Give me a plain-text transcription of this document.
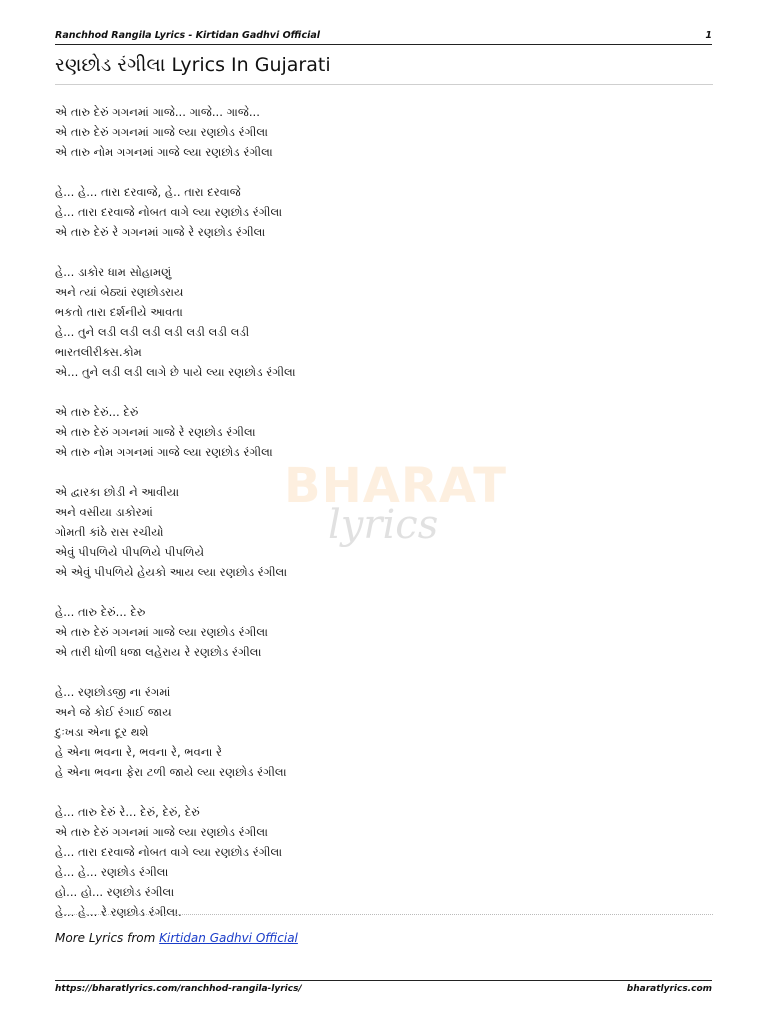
Ranchhod Rangila Lyrics - Kirtidan Gadhvi Official	1
રણછોડ રંગીલા Lyrics In Gujarati
BHARAT
lyrics
એ તારુ દેરું ગગનમાં ગાજે... ગાજે... ગાજે...
એ તારુ દેરું ગગનમાં ગાજે લ્યા રણછોડ રંગીલા
એ તારુ નોમ ગગનમાં ગાજે લ્યા રણછોડ રંગીલા
હે... હે... તારા દરવાજે, હે.. તારા દરવાજે
હે... તારા દરવાજે નોબત વાગે લ્યા રણછોડ રંગીલા
એ તારુ દેરું રે ગગનમાં ગાજે રે રણછોડ રંગીલા
હે... ડાકોર ધામ સોહામણું
અને ત્યાં બેઠ્યાં રણછોડરાય
ભકતો તારા દર્શનીયે આવતા
હે... તુને લડી લડી લડી લડી લડી લડી લડી
ભારતલીરીક્સ.કોમ
એ... તુને લડી લડી લાગે છે પાયે લ્યા રણછોડ રંગીલા
એ તારુ દેરું... દેરું
એ તારુ દેરું ગગનમાં ગાજે રે રણછોડ રંગીલા
એ તારુ નોમ ગગનમાં ગાજે લ્યા રણછોડ રંગીલા
એ દ્વારકા છોડી ને આવીયા
અને વસીયા ડાકોરમાં
ગોમતી કાંઠે રાસ રચીયો
એવું પીપળિયે પીપળિયે પીપળિયે
એ એવું પીપળિયે હેયકો આય લ્યા રણછોડ રંગીલા
હે... તારુ દેરું... દેરુ
એ તારુ દેરું ગગનમાં ગાજે લ્યા રણછોડ રંગીલા
એ તારી ધોળી ધજા લહેરાય રે રણછોડ રંગીલા
હે... રણછોડજી ના રંગમાં
અને જે કોઈ રંગાઈ જાય
દુઃખડા એના દૂર થશે
હે એના ભવના રે, ભવના રે, ભવના રે
હે એના ભવના ફેરા ટળી જાયે લ્યા રણછોડ રંગીલા
હે... તારુ દેરું રે... દેરું, દેરું, દેરું
એ તારુ દેરું ગગનમાં ગાજે લ્યા રણછોડ રંગીલા
હે... તારા દરવાજે નોબત વાગે લ્યા રણછોડ રંગીલા
હે... હે... રણછોડ રંગીલા
હો... હો... રણછોડ રંગીલા
હે... હે... રે રણછોડ રંગીલા.
More Lyrics from Kirtidan Gadhvi Official
https://bharatlyrics.com/ranchhod-rangila-lyrics/	bharatlyrics.com
